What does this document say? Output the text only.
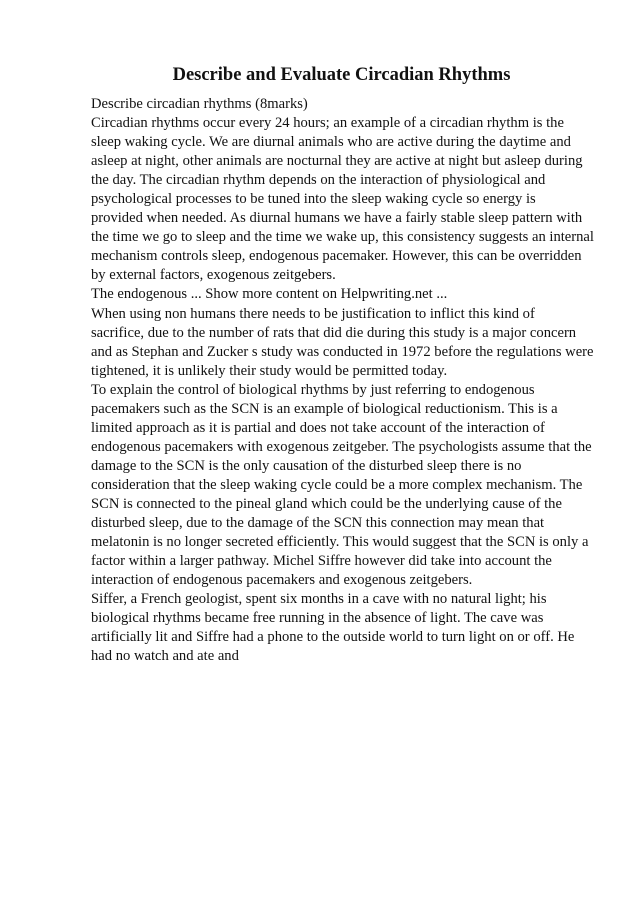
Describe and Evaluate Circadian Rhythms
Describe circadian rhythms (8marks)
Circadian rhythms occur every 24 hours; an example of a circadian rhythm is the
sleep waking cycle. We are diurnal animals who are active during the daytime and
asleep at night, other animals are nocturnal they are active at night but asleep during
the day. The circadian rhythm depends on the interaction of physiological and
psychological processes to be tuned into the sleep waking cycle so energy is
provided when needed. As diurnal humans we have a fairly stable sleep pattern with
the time we go to sleep and the time we wake up, this consistency suggests an internal
mechanism controls sleep, endogenous pacemaker. However, this can be overridden
by external factors, exogenous zeitgebers.
The endogenous ... Show more content on Helpwriting.net ...
When using non humans there needs to be justification to inflict this kind of
sacrifice, due to the number of rats that did die during this study is a major concern
and as Stephan and Zucker s study was conducted in 1972 before the regulations were
tightened, it is unlikely their study would be permitted today.
To explain the control of biological rhythms by just referring to endogenous
pacemakers such as the SCN is an example of biological reductionism. This is a
limited approach as it is partial and does not take account of the interaction of
endogenous pacemakers with exogenous zeitgeber. The psychologists assume that the
damage to the SCN is the only causation of the disturbed sleep there is no
consideration that the sleep waking cycle could be a more complex mechanism. The
SCN is connected to the pineal gland which could be the underlying cause of the
disturbed sleep, due to the damage of the SCN this connection may mean that
melatonin is no longer secreted efficiently. This would suggest that the SCN is only a
factor within a larger pathway. Michel Siffre however did take into account the
interaction of endogenous pacemakers and exogenous zeitgebers.
Siffer, a French geologist, spent six months in a cave with no natural light; his
biological rhythms became free running in the absence of light. The cave was
artificially lit and Siffre had a phone to the outside world to turn light on or off. He
had no watch and ate and
